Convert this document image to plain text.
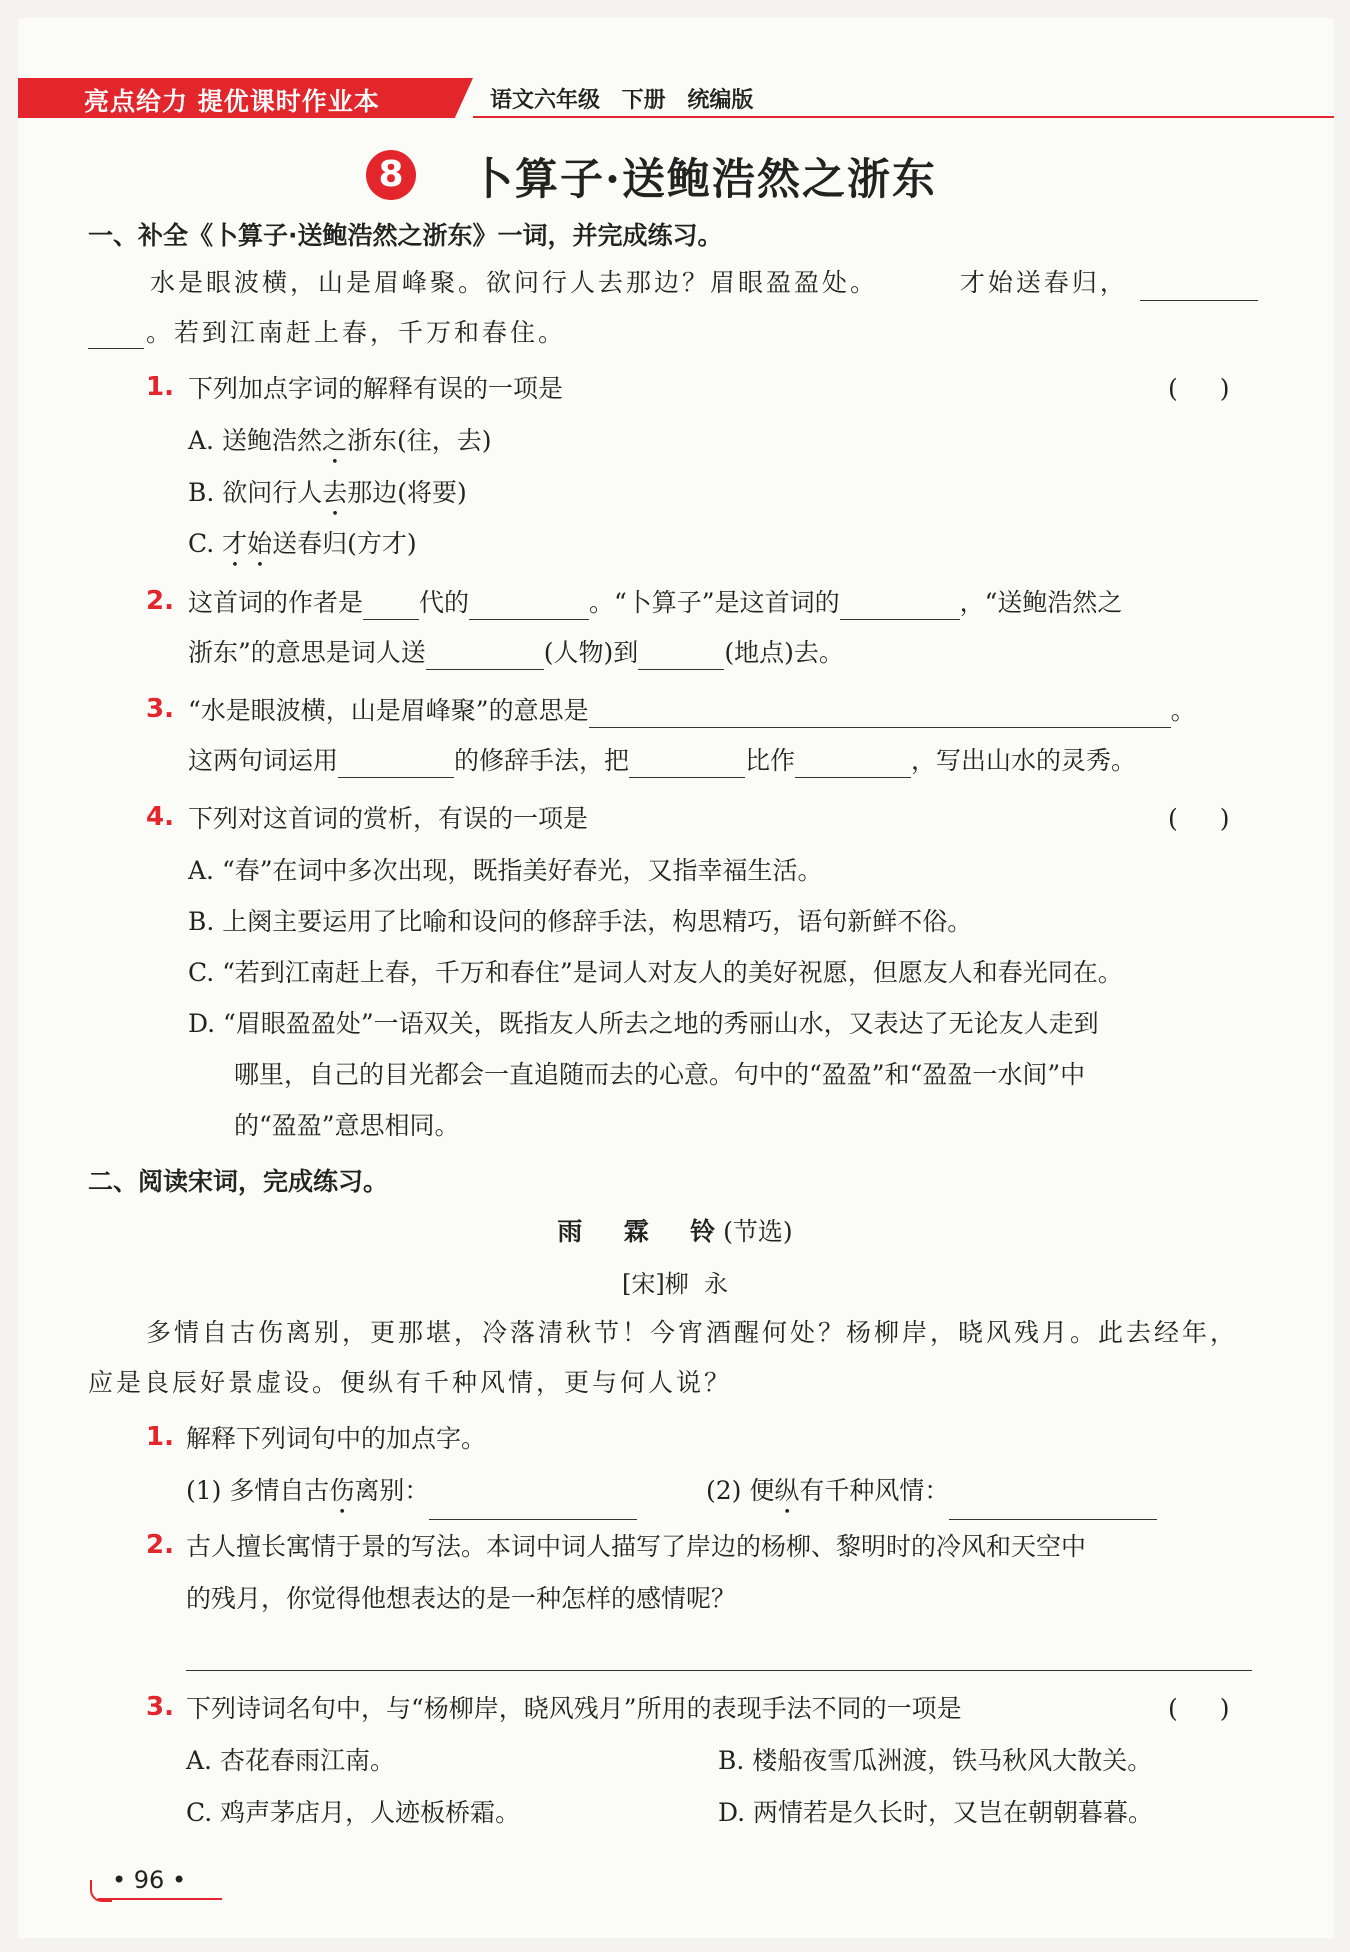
亮点给力 提优课时作业本	语文六年级 下册 统编版
8 卜算子·送鲍浩然之浙东
一、补全《卜算子·送鲍浩然之浙东》一词，并完成练习。
水是眼波横，山是眉峰聚。欲问行人去那边？眉眼盈盈处。	才始送春归，
。若到江南赶上春，千万和春住。
1. 下列加点字词的解释有误的一项是	( )
A. 送鲍浩然之浙东(往，去)
B. 欲问行人去那边(将要)
C. 才始送春归(方才)
2. 这首词的作者是 代的	。“卜算子”是这首词的	，“送鲍浩然之
浙东”的意思是词人送	(人物)到	(地点)去。
3. “水是眼波横，山是眉峰聚”的意思是	。
这两句词运用	的修辞手法，把	比作	，写出山水的灵秀。
4. 下列对这首词的赏析，有误的一项是	( )
A. “春”在词中多次出现，既指美好春光，又指幸福生活。
B. 上阕主要运用了比喻和设问的修辞手法，构思精巧，语句新鲜不俗。
C. “若到江南赶上春，千万和春住”是词人对友人的美好祝愿，但愿友人和春光同在。
D. “眉眼盈盈处”一语双关，既指友人所去之地的秀丽山水，又表达了无论友人走到
哪里，自己的目光都会一直追随而去的心意。句中的“盈盈”和“盈盈一水间”中
的“盈盈”意思相同。
二、阅读宋词，完成练习。
雨  霖  铃(节选)
[宋]柳  永
多情自古伤离别，更那堪，冷落清秋节！今宵酒醒何处？杨柳岸，晓风残月。此去经年，
应是良辰好景虚设。便纵有千种风情，更与何人说？
1. 解释下列词句中的加点字。
(1) 多情自古伤离别：	(2) 便纵有千种风情：
2. 古人擅长寓情于景的写法。本词中词人描写了岸边的杨柳、黎明时的冷风和天空中
的残月，你觉得他想表达的是一种怎样的感情呢？
3. 下列诗词名句中，与“杨柳岸，晓风残月”所用的表现手法不同的一项是	( )
A. 杏花春雨江南。	B. 楼船夜雪瓜洲渡，铁马秋风大散关。
C. 鸡声茅店月，人迹板桥霜。	D. 两情若是久长时，又岂在朝朝暮暮。
• 96 •
